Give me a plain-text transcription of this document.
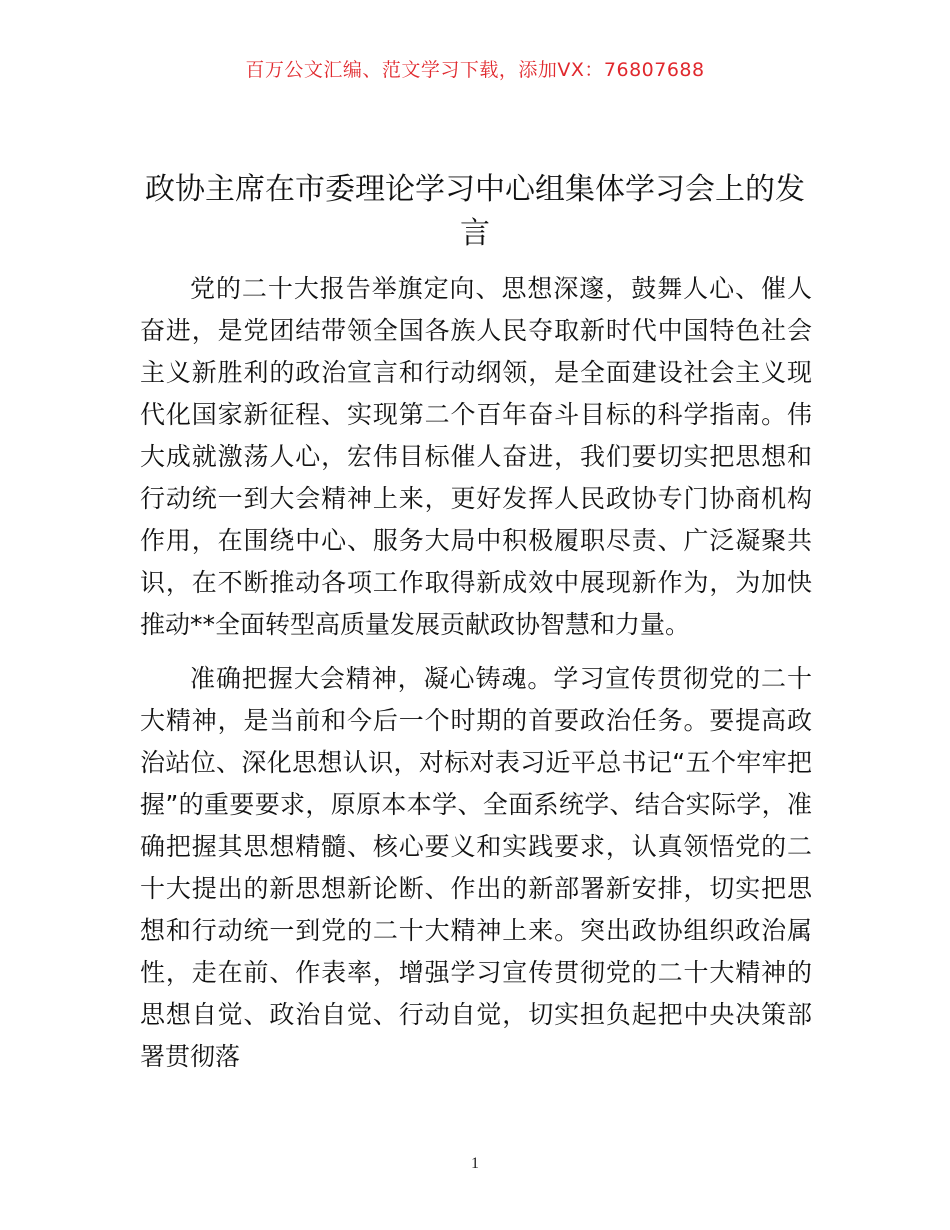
百万公文汇编、范文学习下载，添加VX：76807688
政协主席在市委理论学习中心组集体学习会上的发言

党的二十大报告举旗定向、思想深邃，鼓舞人心、催人奋进，是党团结带领全国各族人民夺取新时代中国特色社会主义新胜利的政治宣言和行动纲领，是全面建设社会主义现代化国家新征程、实现第二个百年奋斗目标的科学指南。伟大成就激荡人心，宏伟目标催人奋进，我们要切实把思想和行动统一到大会精神上来，更好发挥人民政协专门协商机构作用，在围绕中心、服务大局中积极履职尽责、广泛凝聚共识，在不断推动各项工作取得新成效中展现新作为，为加快推动**全面转型高质量发展贡献政协智慧和力量。

准确把握大会精神，凝心铸魂。学习宣传贯彻党的二十大精神，是当前和今后一个时期的首要政治任务。要提高政治站位、深化思想认识，对标对表习近平总书记“五个牢牢把握”的重要要求，原原本本学、全面系统学、结合实际学，准确把握其思想精髓、核心要义和实践要求，认真领悟党的二十大提出的新思想新论断、作出的新部署新安排，切实把思想和行动统一到党的二十大精神上来。突出政协组织政治属性，走在前、作表率，增强学习宣传贯彻党的二十大精神的思想自觉、政治自觉、行动自觉，切实担负起把中央决策部署贯彻落

1
